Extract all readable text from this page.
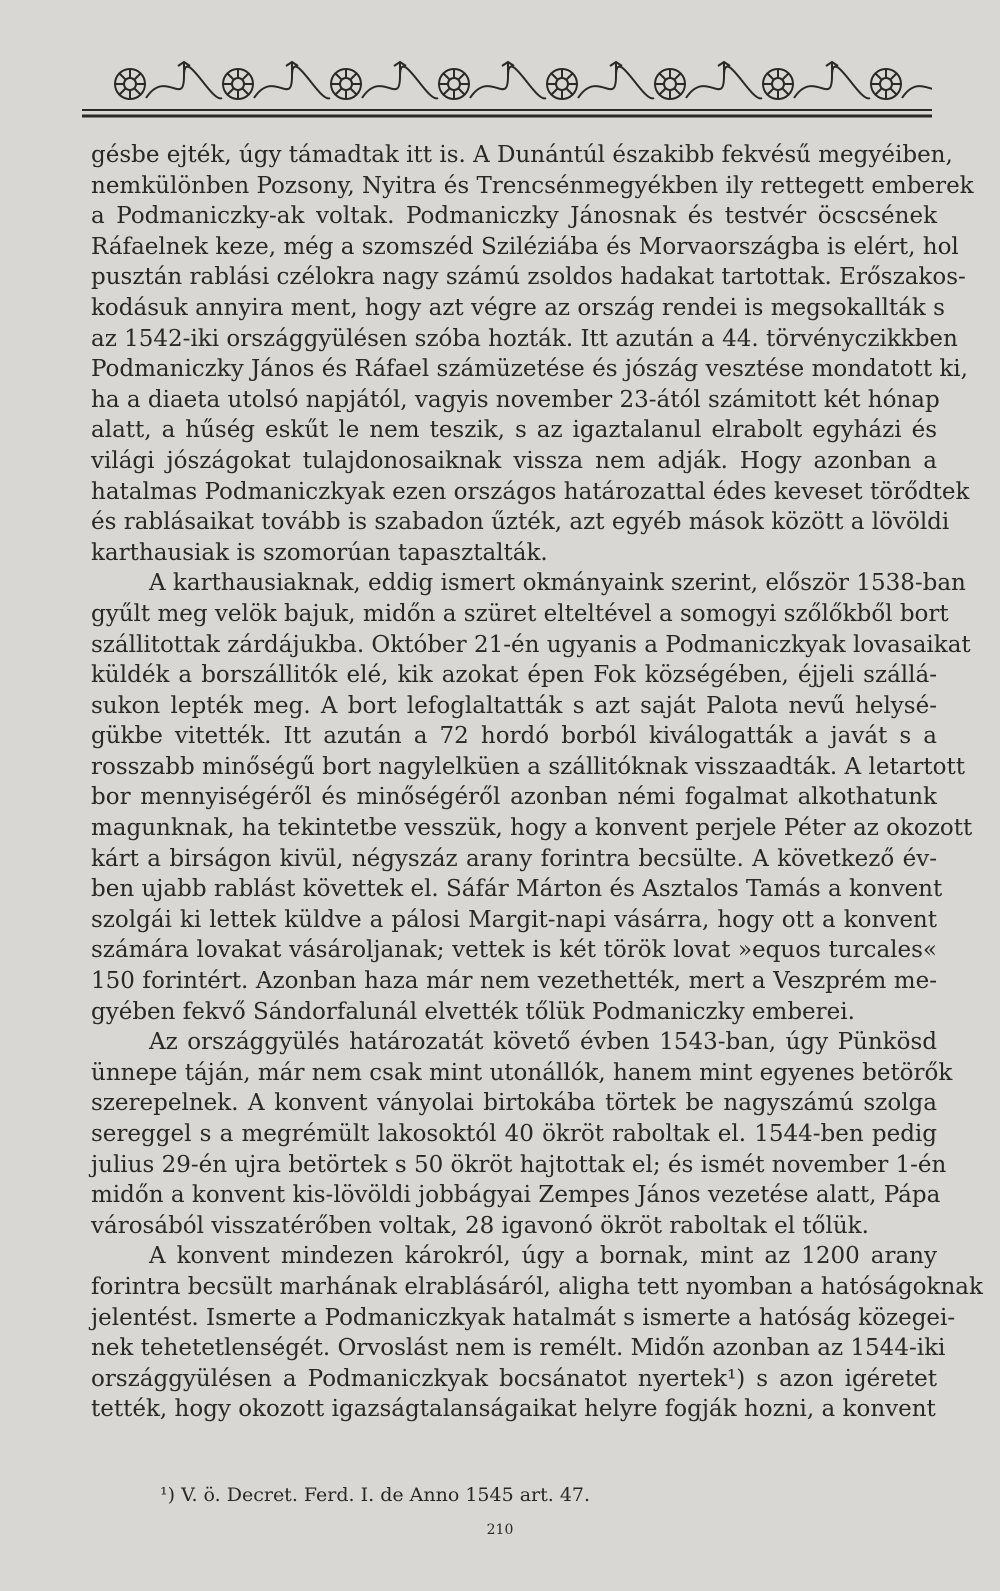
gésbe ejték, úgy támadtak itt is. A Dunántúl északibb fekvésű megyéiben,
nemkülönben Pozsony, Nyitra és Trencsénmegyékben ily rettegett emberek
a Podmaniczky-ak voltak. Podmaniczky Jánosnak és testvér öcscsének
Ráfaelnek keze, még a szomszéd Sziléziába és Morvaországba is elért, hol
pusztán rablási czélokra nagy számú zsoldos hadakat tartottak. Erőszakos-
kodásuk annyira ment, hogy azt végre az ország rendei is megsokallták s
az 1542-iki országgyülésen szóba hozták. Itt azután a 44. törvényczikkben
Podmaniczky János és Ráfael számüzetése és jószág vesztése mondatott ki,
ha a diaeta utolsó napjától, vagyis november 23-ától számitott két hónap
alatt, a hűség eskűt le nem teszik, s az igaztalanul elrabolt egyházi és
világi jószágokat tulajdonosaiknak vissza nem adják. Hogy azonban a
hatalmas Podmaniczkyak ezen országos határozattal édes keveset törődtek
és rablásaikat tovább is szabadon űzték, azt egyéb mások között a lövöldi
karthausiak is szomorúan tapasztalták.

A karthausiaknak, eddig ismert okmányaink szerint, először 1538-ban
gyűlt meg velök bajuk, midőn a szüret elteltével a somogyi szőlőkből bort
szállitottak zárdájukba. Október 21-én ugyanis a Podmaniczkyak lovasaikat
küldék a borszállitók elé, kik azokat épen Fok községében, éjjeli szállá-
sukon lepték meg. A bort lefoglaltatták s azt saját Palota nevű helysé-
gükbe vitették. Itt azután a 72 hordó borból kiválogatták a javát s a
rosszabb minőségű bort nagylelküen a szállitóknak visszaadták. A letartott
bor mennyiségéről és minőségéről azonban némi fogalmat alkothatunk
magunknak, ha tekintetbe vesszük, hogy a konvent perjele Péter az okozott
kárt a birságon kivül, négyszáz arany forintra becsülte. A következő év-
ben ujabb rablást követtek el. Sáfár Márton és Asztalos Tamás a konvent
szolgái ki lettek küldve a pálosi Margit-napi vásárra, hogy ott a konvent
számára lovakat vásároljanak; vettek is két török lovat »equos turcales«
150 forintért. Azonban haza már nem vezethették, mert a Veszprém me-
gyében fekvő Sándorfalunál elvették tőlük Podmaniczky emberei.

Az országgyülés határozatát követő évben 1543-ban, úgy Pünkösd
ünnepe táján, már nem csak mint utonállók, hanem mint egyenes betörők
szerepelnek. A konvent ványolai birtokába törtek be nagyszámú szolga
sereggel s a megrémült lakosoktól 40 ökröt raboltak el. 1544-ben pedig
julius 29-én ujra betörtek s 50 ökröt hajtottak el; és ismét november 1-én
midőn a konvent kis-lövöldi jobbágyai Zempes János vezetése alatt, Pápa
városából visszatérőben voltak, 28 igavonó ökröt raboltak el tőlük.

A konvent mindezen károkról, úgy a bornak, mint az 1200 arany
forintra becsült marhának elrablásáról, aligha tett nyomban a hatóságoknak
jelentést. Ismerte a Podmaniczkyak hatalmát s ismerte a hatóság közegei-
nek tehetetlenségét. Orvoslást nem is remélt. Midőn azonban az 1544-iki
országgyülésen a Podmaniczkyak bocsánatot nyertek¹) s azon igéretet
tették, hogy okozott igazságtalanságaikat helyre fogják hozni, a konvent

¹) V. ö. Decret. Ferd. I. de Anno 1545 art. 47.
210
